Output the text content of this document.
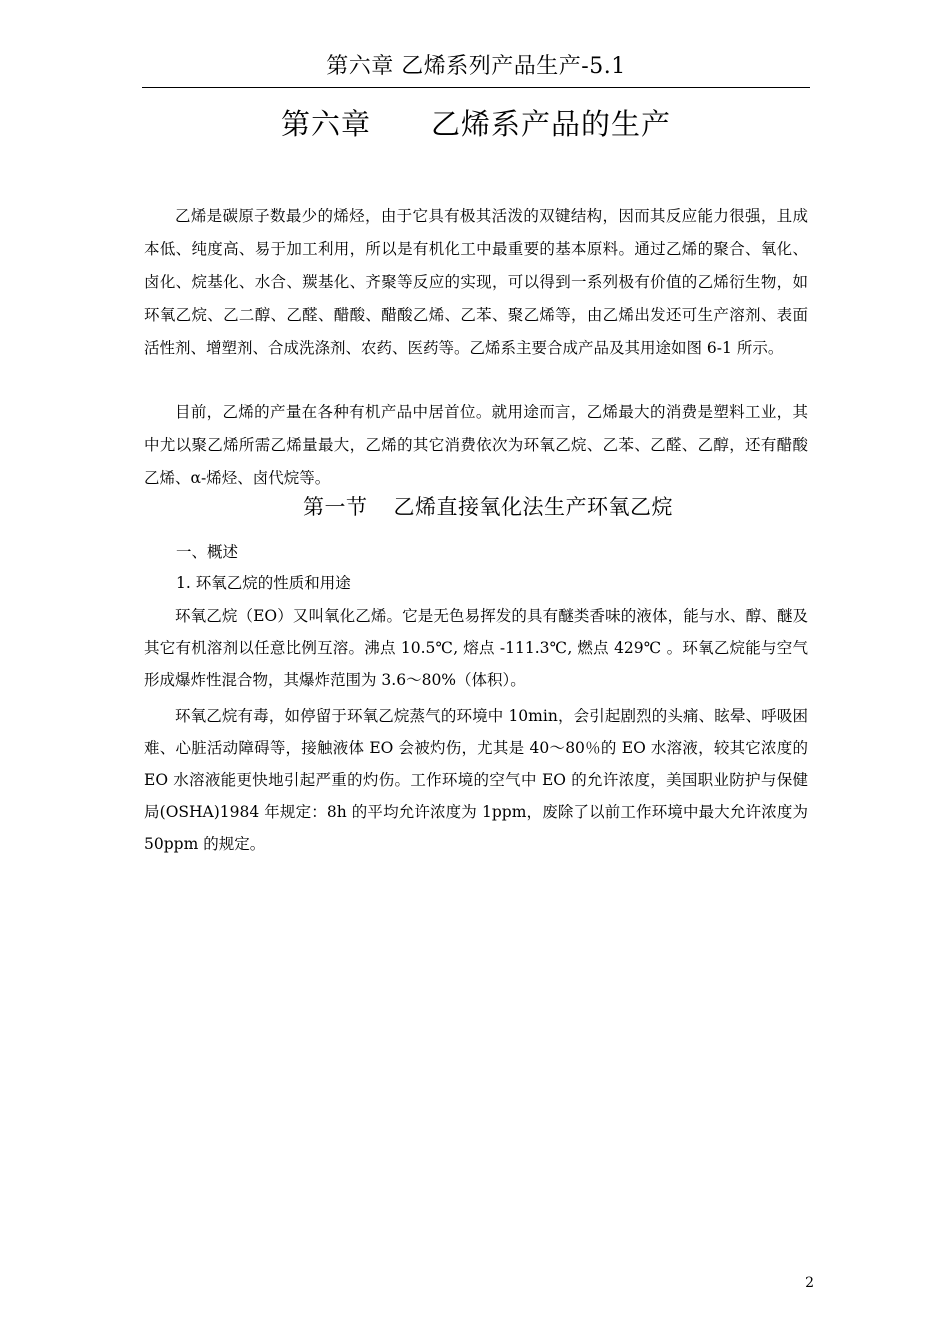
第六章 乙烯系列产品生产-5.1
第六章 乙烯系产品的生产

乙烯是碳原子数最少的烯烃，由于它具有极其活泼的双键结构，因而其反应能力很强，且成本低、纯度高、易于加工利用，所以是有机化工中最重要的基本原料。通过乙烯的聚合、氧化、卤化、烷基化、水合、羰基化、齐聚等反应的实现，可以得到一系列极有价值的乙烯衍生物，如环氧乙烷、乙二醇、乙醛、醋酸、醋酸乙烯、乙苯、聚乙烯等，由乙烯出发还可生产溶剂、表面活性剂、增塑剂、合成洗涤剂、农药、医药等。乙烯系主要合成产品及其用途如图 6-1 所示。

目前，乙烯的产量在各种有机产品中居首位。就用途而言，乙烯最大的消费是塑料工业，其中尤以聚乙烯所需乙烯量最大，乙烯的其它消费依次为环氧乙烷、乙苯、乙醛、乙醇，还有醋酸乙烯、α-烯烃、卤代烷等。

第一节 乙烯直接氧化法生产环氧乙烷

一、概述

1. 环氧乙烷的性质和用途

环氧乙烷（EO）又叫氧化乙烯。它是无色易挥发的具有醚类香味的液体，能与水、醇、醚及其它有机溶剂以任意比例互溶。沸点 10.5℃, 熔点 -111.3℃, 燃点 429℃ 。环氧乙烷能与空气形成爆炸性混合物，其爆炸范围为 3.6～80%（体积）。

环氧乙烷有毒，如停留于环氧乙烷蒸气的环境中 10min，会引起剧烈的头痛、眩晕、呼吸困难、心脏活动障碍等，接触液体 EO 会被灼伤，尤其是 40～80％的 EO 水溶液，较其它浓度的 EO 水溶液能更快地引起严重的灼伤。工作环境的空气中 EO 的允许浓度，美国职业防护与保健局(OSHA)1984 年规定：8h 的平均允许浓度为 1ppm，废除了以前工作环境中最大允许浓度为 50ppm 的规定。

2
